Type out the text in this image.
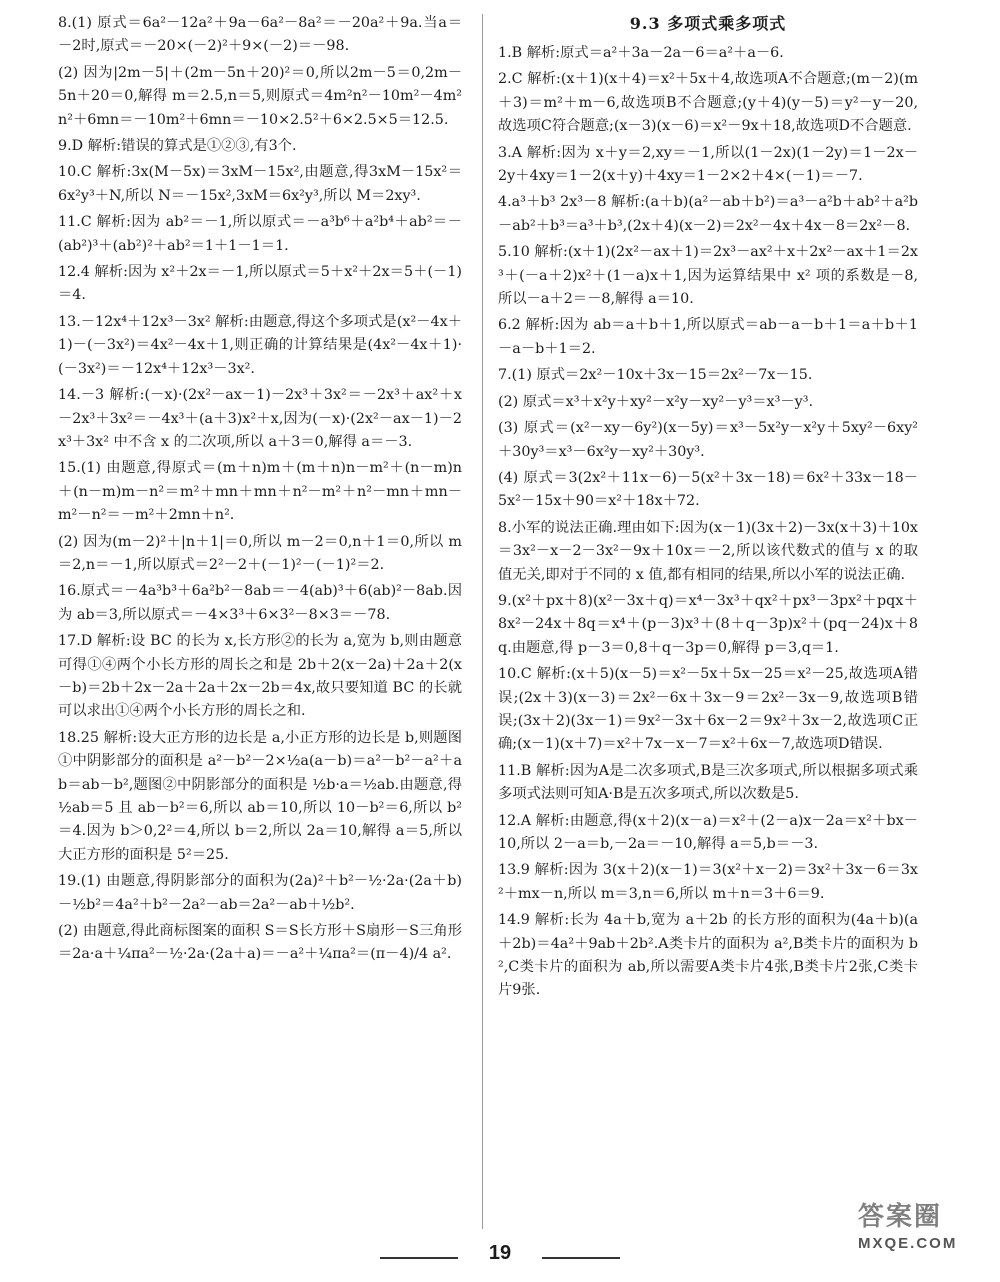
8.(1) 原式＝6a²－12a²＋9a－6a²－8a²＝－20a²＋9a.当a＝－2时,原式＝－20×(－2)²＋9×(－2)＝－98.

(2) 因为|2m－5|＋(2m－5n＋20)²＝0,所以2m－5＝0,2m－5n＋20＝0,解得 m＝2.5,n＝5,则原式＝4m²n²－10m²－4m²n²＋6mn＝－10m²＋6mn＝－10×2.5²＋6×2.5×5＝12.5.

9.D 解析:错误的算式是①②③,有3个.

10.C 解析:3x(M－5x)＝3xM－15x²,由题意,得3xM－15x²＝6x²y³＋N,所以 N＝－15x²,3xM＝6x²y³,所以 M＝2xy³.

11.C 解析:因为 ab²＝－1,所以原式＝－a³b⁶＋a²b⁴＋ab²＝－(ab²)³＋(ab²)²＋ab²＝1＋1－1＝1.

12.4 解析:因为 x²＋2x＝－1,所以原式＝5＋x²＋2x＝5＋(－1)＝4.

13.－12x⁴＋12x³－3x² 解析:由题意,得这个多项式是(x²－4x＋1)－(－3x²)＝4x²－4x＋1,则正确的计算结果是(4x²－4x＋1)·(－3x²)＝－12x⁴＋12x³－3x².

14.－3 解析:(－x)·(2x²－ax－1)－2x³＋3x²＝－2x³＋ax²＋x－2x³＋3x²＝－4x³＋(a＋3)x²＋x,因为(－x)·(2x²－ax－1)－2x³＋3x² 中不含 x 的二次项,所以 a＋3＝0,解得 a＝－3.

15.(1) 由题意,得原式＝(m＋n)m＋(m＋n)n－m²＋(n－m)n＋(n－m)m－n²＝m²＋mn＋mn＋n²－m²＋n²－mn＋mn－m²－n²＝－m²＋2mn＋n².

(2) 因为(m－2)²＋|n＋1|＝0,所以 m－2＝0,n＋1＝0,所以 m＝2,n＝－1,所以原式＝2²－2＋(－1)²－(－1)²＝2.

16.原式＝－4a³b³＋6a²b²－8ab＝－4(ab)³＋6(ab)²－8ab.因为 ab＝3,所以原式＝－4×3³＋6×3²－8×3＝－78.

17.D 解析:设 BC 的长为 x,长方形②的长为 a,宽为 b,则由题意可得①④两个小长方形的周长之和是 2b＋2(x－2a)＋2a＋2(x－b)＝2b＋2x－2a＋2a＋2x－2b＝4x,故只要知道 BC 的长就可以求出①④两个小长方形的周长之和.

18.25 解析:设大正方形的边长是 a,小正方形的边长是 b,则题图①中阴影部分的面积是 a²－b²－2×½a(a－b)＝a²－b²－a²＋ab＝ab－b²,题图②中阴影部分的面积是 ½b·a＝½ab.由题意,得 ½ab＝5 且 ab－b²＝6,所以 ab＝10,所以 10－b²＝6,所以 b²＝4.因为 b＞0,2²＝4,所以 b＝2,所以 2a＝10,解得 a＝5,所以大正方形的面积是 5²＝25.

19.(1) 由题意,得阴影部分的面积为(2a)²＋b²－½·2a·(2a＋b)－½b²＝4a²＋b²－2a²－ab＝2a²－ab＋½b².

(2) 由题意,得此商标图案的面积 S＝S长方形＋S扇形－S三角形＝2a·a＋¼πa²－½·2a·(2a＋a)＝－a²＋¼πa²＝(π－4)/4 a².

9.3 多项式乘多项式

1.B 解析:原式＝a²＋3a－2a－6＝a²＋a－6.

2.C 解析:(x＋1)(x＋4)＝x²＋5x＋4,故选项A不合题意;(m－2)(m＋3)＝m²＋m－6,故选项B不合题意;(y＋4)(y－5)＝y²－y－20,故选项C符合题意;(x－3)(x－6)＝x²－9x＋18,故选项D不合题意.

3.A 解析:因为 x＋y＝2,xy＝－1,所以(1－2x)(1－2y)＝1－2x－2y＋4xy＝1－2(x＋y)＋4xy＝1－2×2＋4×(－1)＝－7.

4.a³＋b³ 2x³－8 解析:(a＋b)(a²－ab＋b²)＝a³－a²b＋ab²＋a²b－ab²＋b³＝a³＋b³,(2x＋4)(x－2)＝2x²－4x＋4x－8＝2x²－8.

5.10 解析:(x＋1)(2x²－ax＋1)＝2x³－ax²＋x＋2x²－ax＋1＝2x³＋(－a＋2)x²＋(1－a)x＋1,因为运算结果中 x² 项的系数是－8,所以－a＋2＝－8,解得 a＝10.

6.2 解析:因为 ab＝a＋b＋1,所以原式＝ab－a－b＋1＝a＋b＋1－a－b＋1＝2.

7.(1) 原式＝2x²－10x＋3x－15＝2x²－7x－15.

(2) 原式＝x³＋x²y＋xy²－x²y－xy²－y³＝x³－y³.

(3) 原式＝(x²－xy－6y²)(x－5y)＝x³－5x²y－x²y＋5xy²－6xy²＋30y³＝x³－6x²y－xy²＋30y³.

(4) 原式＝3(2x²＋11x－6)－5(x²＋3x－18)＝6x²＋33x－18－5x²－15x＋90＝x²＋18x＋72.

8.小军的说法正确.理由如下:因为(x－1)(3x＋2)－3x(x＋3)＋10x＝3x²－x－2－3x²－9x＋10x＝－2,所以该代数式的值与 x 的取值无关,即对于不同的 x 值,都有相同的结果,所以小军的说法正确.

9.(x²＋px＋8)(x²－3x＋q)＝x⁴－3x³＋qx²＋px³－3px²＋pqx＋8x²－24x＋8q＝x⁴＋(p－3)x³＋(8＋q－3p)x²＋(pq－24)x＋8q.由题意,得 p－3＝0,8＋q－3p＝0,解得 p＝3,q＝1.

10.C 解析:(x＋5)(x－5)＝x²－5x＋5x－25＝x²－25,故选项A错误;(2x＋3)(x－3)＝2x²－6x＋3x－9＝2x²－3x－9,故选项B错误;(3x＋2)(3x－1)＝9x²－3x＋6x－2＝9x²＋3x－2,故选项C正确;(x－1)(x＋7)＝x²＋7x－x－7＝x²＋6x－7,故选项D错误.

11.B 解析:因为A是二次多项式,B是三次多项式,所以根据多项式乘多项式法则可知A·B是五次多项式,所以次数是5.

12.A 解析:由题意,得(x＋2)(x－a)＝x²＋(2－a)x－2a＝x²＋bx－10,所以 2－a＝b,－2a＝－10,解得 a＝5,b＝－3.

13.9 解析:因为 3(x＋2)(x－1)＝3(x²＋x－2)＝3x²＋3x－6＝3x²＋mx－n,所以 m＝3,n＝6,所以 m＋n＝3＋6＝9.

14.9 解析:长为 4a＋b,宽为 a＋2b 的长方形的面积为(4a＋b)(a＋2b)＝4a²＋9ab＋2b².A类卡片的面积为 a²,B类卡片的面积为 b²,C类卡片的面积为 ab,所以需要A类卡片4张,B类卡片2张,C类卡片9张.

19
答案圈
MXQE.COM
